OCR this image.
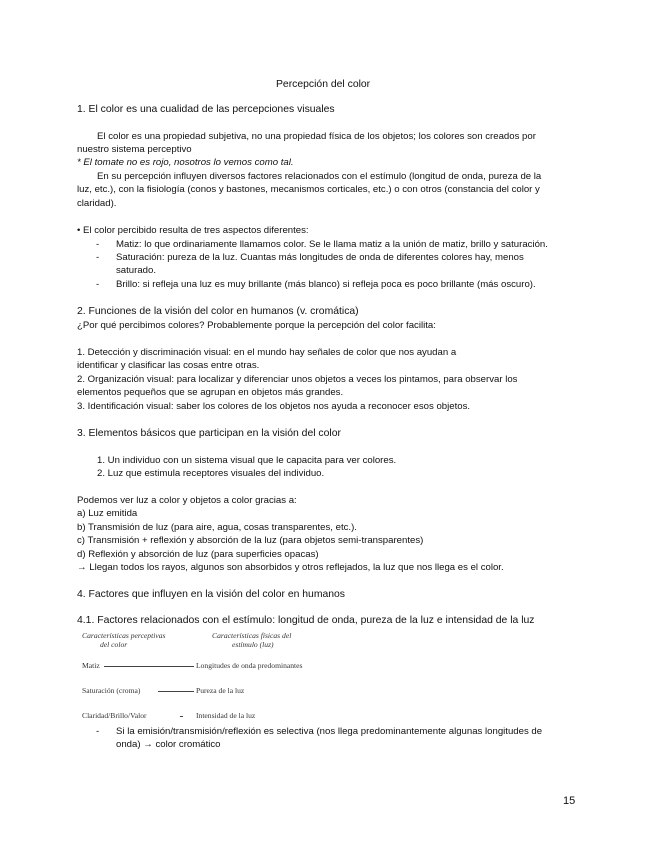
Percepción del color
1. El color es una cualidad de las percepciones visuales
El color es una propiedad subjetiva, no una propiedad física de los objetos; los colores son creados por
nuestro sistema perceptivo
* El tomate no es rojo, nosotros lo vemos como tal.
En su percepción influyen diversos factores relacionados con el estímulo (longitud de onda, pureza de la
luz, etc.), con la fisiología (conos y bastones, mecanismos corticales, etc.) o con otros (constancia del color y
claridad).
• El color percibido resulta de tres aspectos diferentes:
- Matiz: lo que ordinariamente llamamos color. Se le llama matiz a la unión de matiz, brillo y saturación.
- Saturación: pureza de la luz. Cuantas más longitudes de onda de diferentes colores hay, menos
saturado.
- Brillo: si refleja una luz es muy brillante (más blanco) si refleja poca es poco brillante (más oscuro).
2. Funciones de la visión del color en humanos (v. cromática)
¿Por qué percibimos colores? Probablemente porque la percepción del color facilita:
1. Detección y discriminación visual: en el mundo hay señales de color que nos ayudan a
identificar y clasificar las cosas entre otras.
2. Organización visual: para localizar y diferenciar unos objetos a veces los pintamos, para observar los
elementos pequeños que se agrupan en objetos más grandes.
3. Identificación visual: saber los colores de los objetos nos ayuda a reconocer esos objetos.
3. Elementos básicos que participan en la visión del color
1. Un individuo con un sistema visual que le capacita para ver colores.
2. Luz que estimula receptores visuales del individuo.
Podemos ver luz a color y objetos a color gracias a:
a) Luz emitida
b) Transmisión de luz (para aire, agua, cosas transparentes, etc.).
c) Transmisión + reflexión y absorción de la luz (para objetos semi-transparentes)
d) Reflexión y absorción de luz (para superficies opacas)
→ Llegan todos los rayos, algunos son absorbidos y otros reflejados, la luz que nos llega es el color.
4. Factores que influyen en la visión del color en humanos
4.1. Factores relacionados con el estímulo: longitud de onda, pureza de la luz e intensidad de la luz
Características perceptivas
del color
Características físicas del
estímulo (luz)
Matiz	Longitudes de onda predominantes
Saturación (croma)	Pureza de la luz
Claridad/Brillo/Valor	Intensidad de la luz
- Si la emisión/transmisión/reflexión es selectiva (nos llega predominantemente algunas longitudes de
onda) → color cromático
15
